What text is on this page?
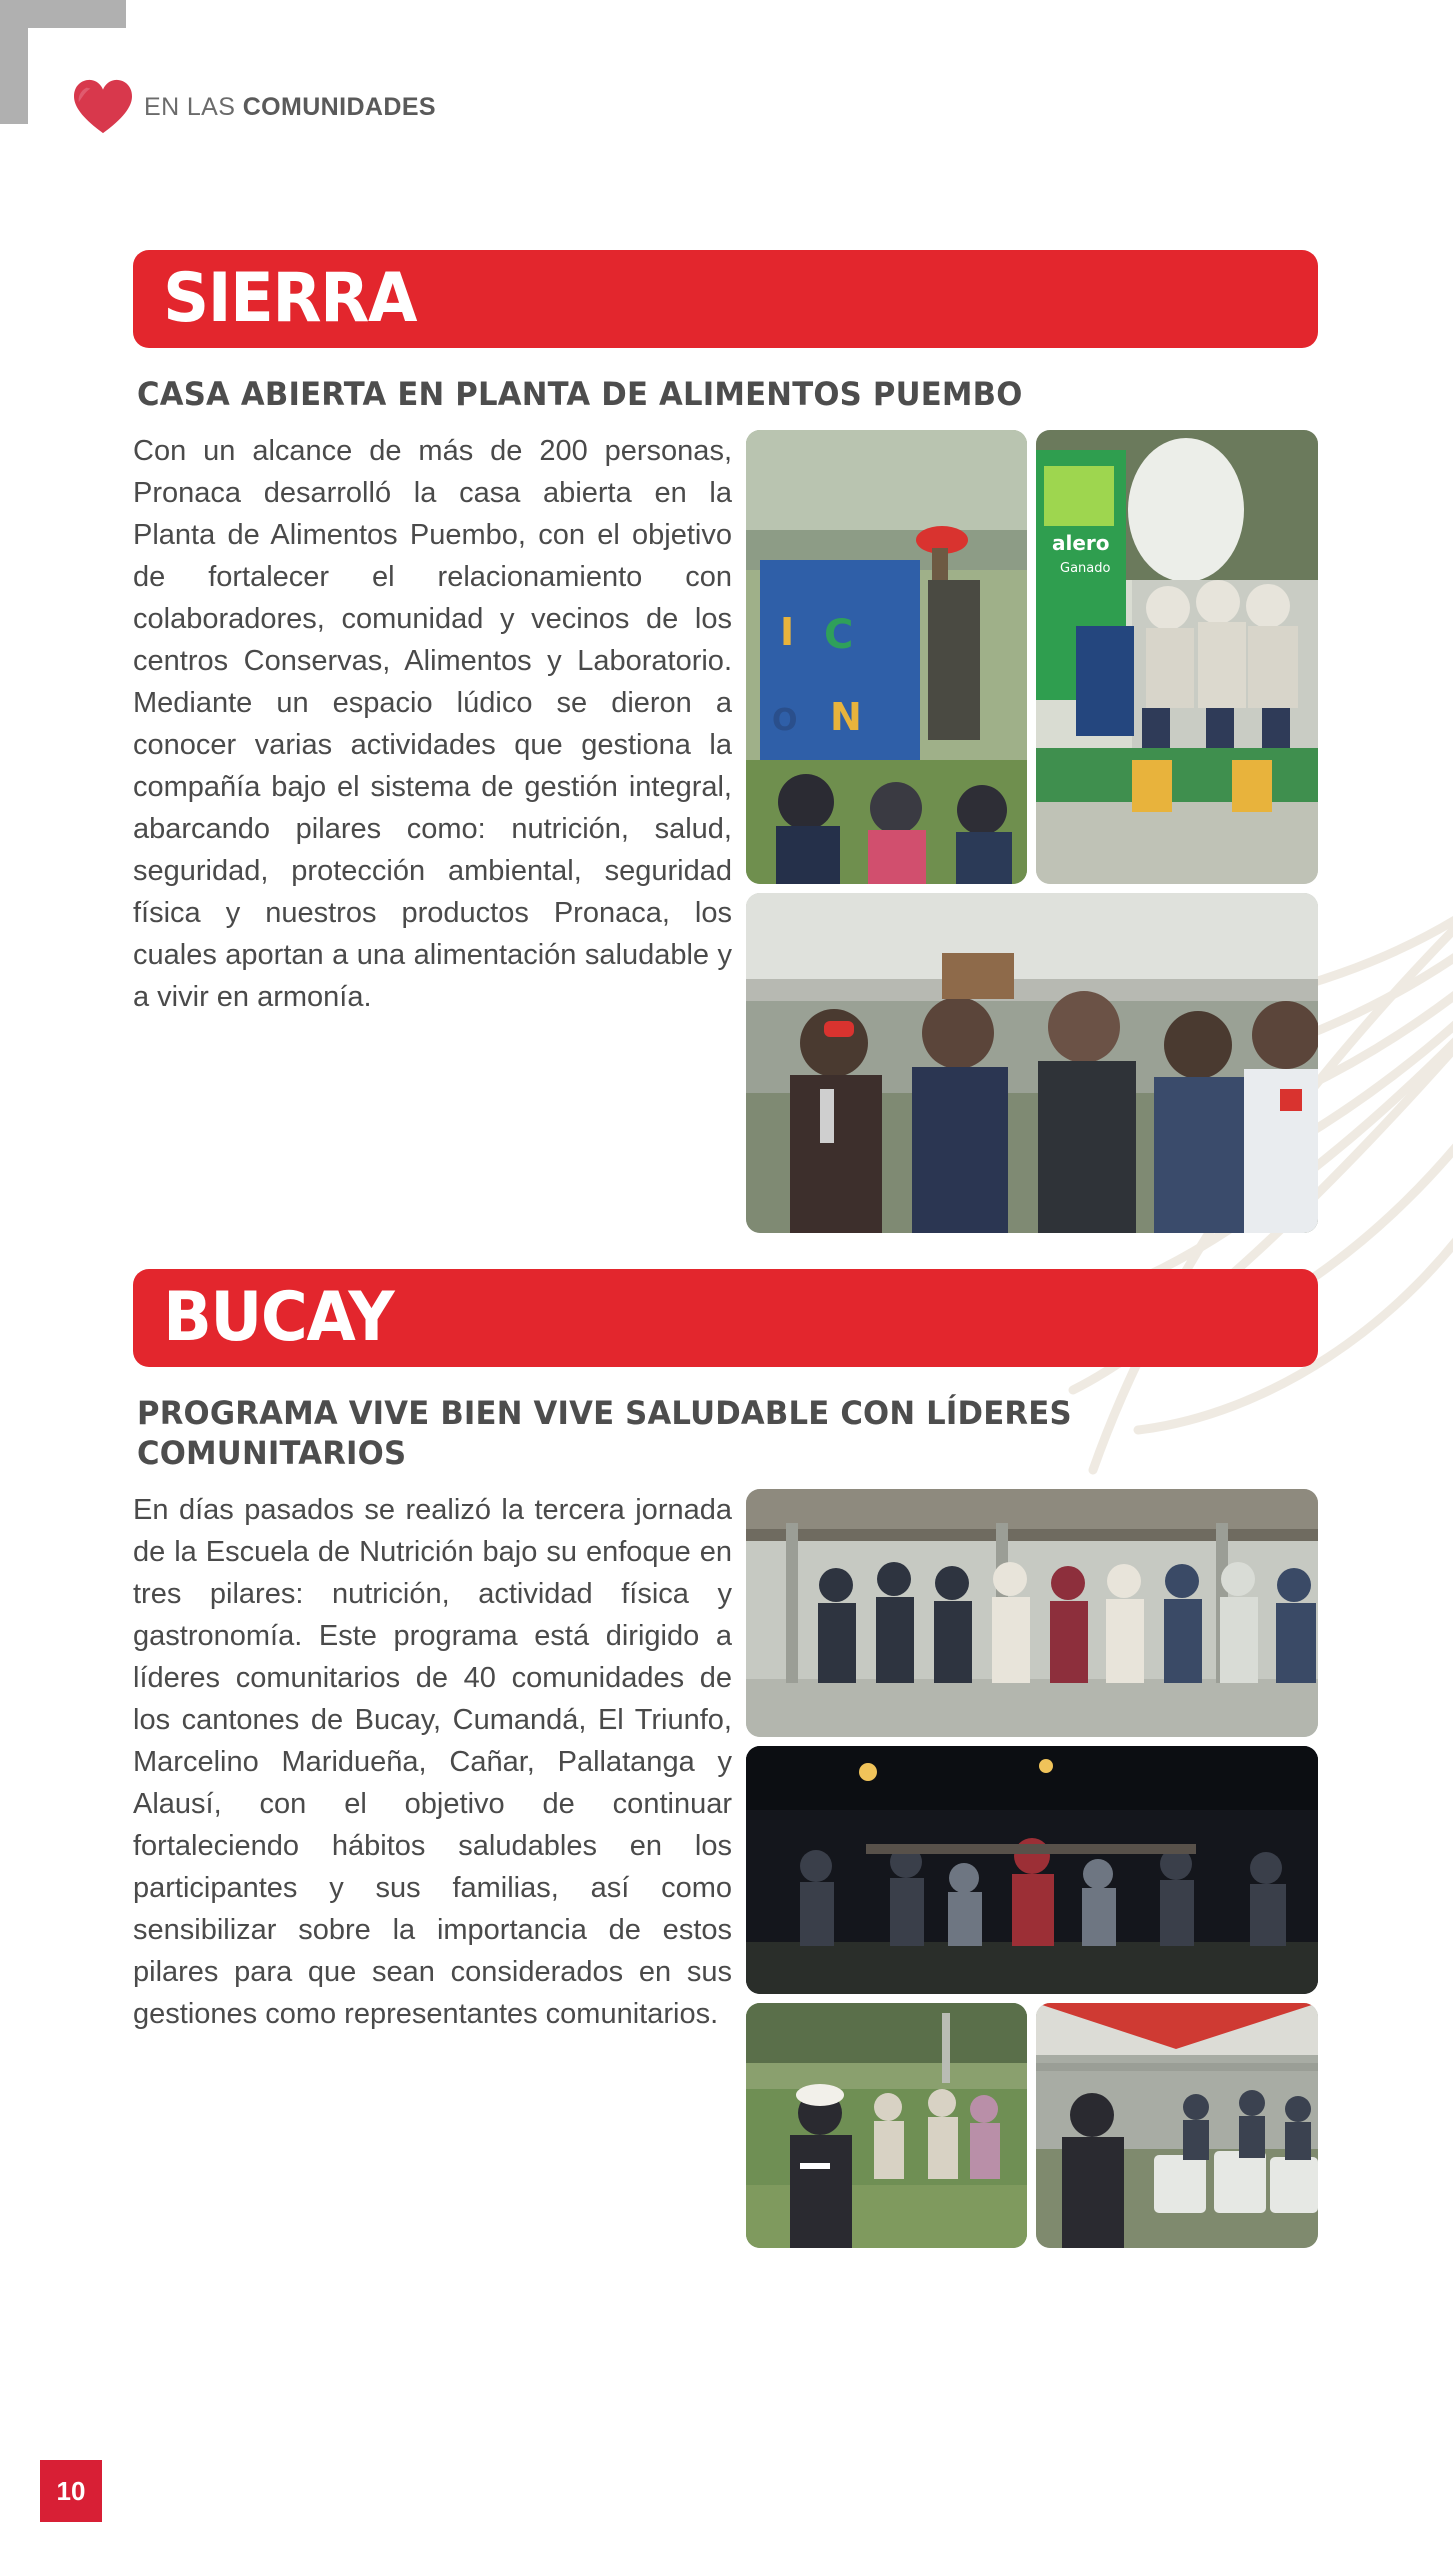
EN LAS COMUNIDADES
SIERRA
CASA ABIERTA EN PLANTA DE ALIMENTOS PUEMBO

Con un alcance de más de 200 personas, Pronaca desarrolló la casa abierta en la Planta de Alimentos Puembo, con el objetivo de fortalecer el relacionamiento con colaboradores, comunidad y vecinos de los centros Conservas, Alimentos y Laboratorio. Mediante un espacio lúdico se dieron a conocer varias actividades que gestiona la compañía bajo el sistema de gestión integral, abarcando pilares como: nutrición, salud, seguridad, protección ambiental, seguridad física y nuestros productos Pronaca, los cuales aportan a una alimentación saludable y a vivir en armonía.

I C
O N
alero
Ganado
BUCAY
PROGRAMA VIVE BIEN VIVE SALUDABLE CON LÍDERES COMUNITARIOS

En días pasados se realizó la tercera jornada de la Escuela de Nutrición bajo su enfoque en tres pilares: nutrición, actividad física y gastronomía. Este programa está dirigido a líderes comunitarios de 40 comunidades de los cantones de Bucay, Cumandá, El Triunfo, Marcelino Maridueña, Cañar, Pallatanga y Alausí, con el objetivo de continuar fortaleciendo hábitos saludables en los participantes y sus familias, así como sensibilizar sobre la importancia de estos pilares para que sean considerados en sus gestiones como representantes comunitarios.

10
